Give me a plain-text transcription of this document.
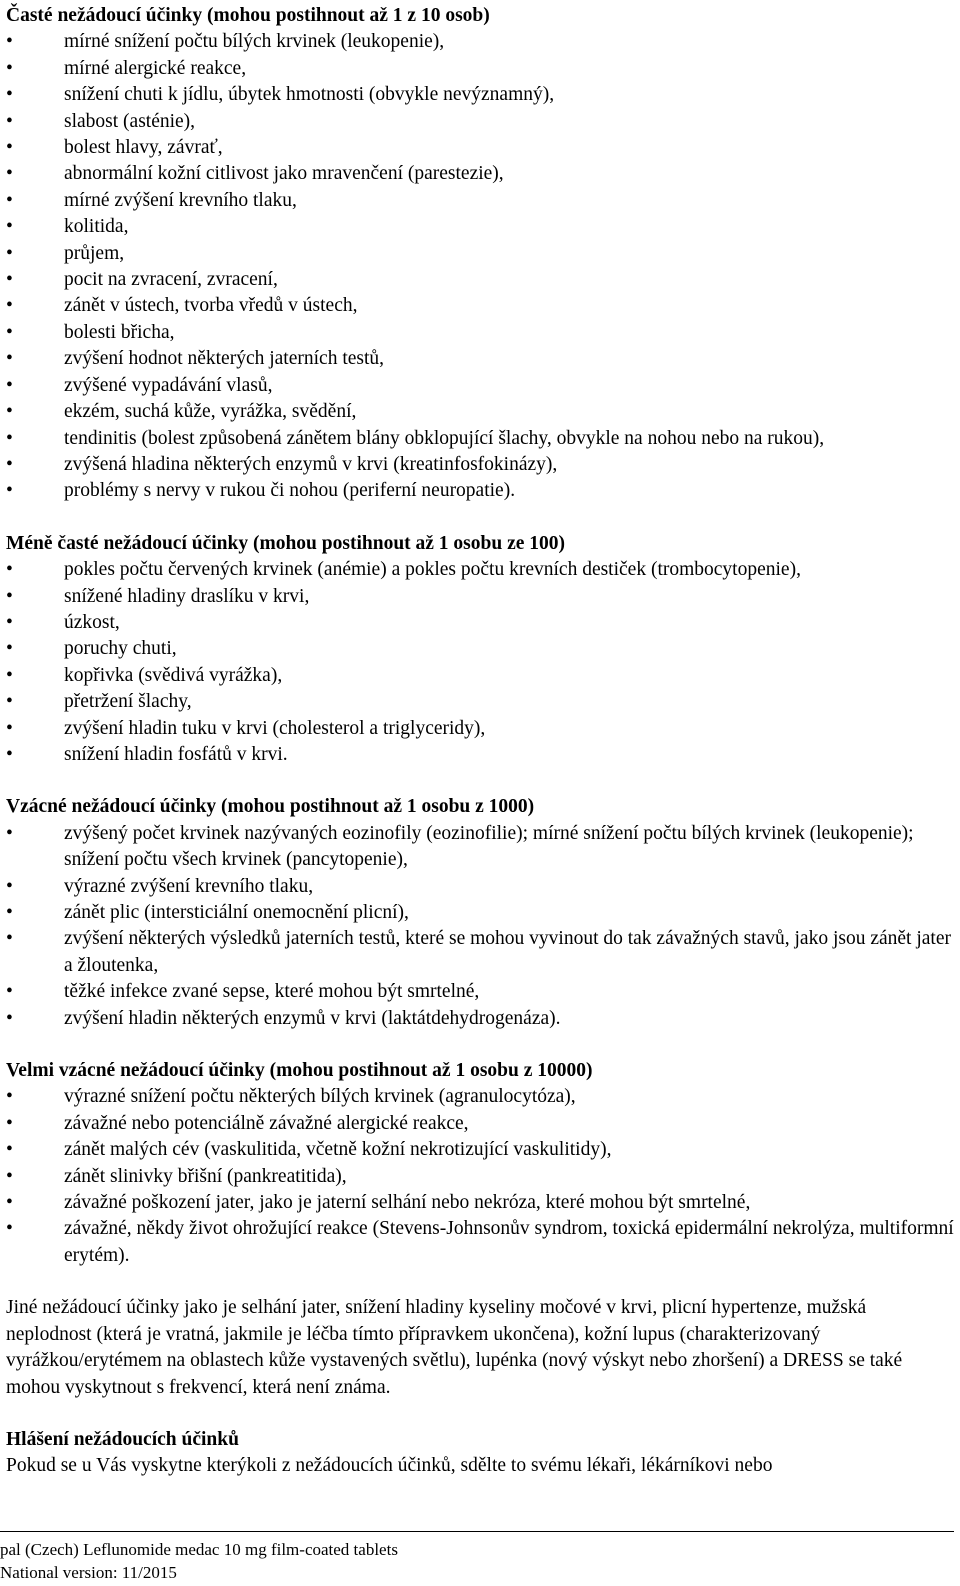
Časté nežádoucí účinky (mohou postihnout až 1 z 10 osob)

•	mírné snížení počtu bílých krvinek (leukopenie),
•	mírné alergické reakce,
•	snížení chuti k jídlu, úbytek hmotnosti (obvykle nevýznamný),
•	slabost (asténie),
•	bolest hlavy, závrať,
•	abnormální kožní citlivost jako mravenčení (parestezie),
•	mírné zvýšení krevního tlaku,
•	kolitida,
•	průjem,
•	pocit na zvracení, zvracení,
•	zánět v ústech, tvorba vředů v ústech,
•	bolesti břicha,
•	zvýšení hodnot některých jaterních testů,
•	zvýšené vypadávání vlasů,
•	ekzém, suchá kůže, vyrážka, svědění,
•	tendinitis (bolest způsobená zánětem blány obklopující šlachy, obvykle na nohou nebo na rukou),
•	zvýšená hladina některých enzymů v krvi (kreatinfosfokinázy),
•	problémy s nervy v rukou či nohou (periferní neuropatie).

Méně časté nežádoucí účinky (mohou postihnout až 1 osobu ze 100)

•	pokles počtu červených krvinek (anémie) a pokles počtu krevních destiček (trombocytopenie),
•	snížené hladiny draslíku v krvi,
•	úzkost,
•	poruchy chuti,
•	kopřivka (svědivá vyrážka),
•	přetržení šlachy,
•	zvýšení hladin tuku v krvi (cholesterol a triglyceridy),
•	snížení hladin fosfátů v krvi.

Vzácné nežádoucí účinky (mohou postihnout až 1 osobu z 1000)

•	zvýšený počet krvinek nazývaných eozinofily (eozinofilie); mírné snížení počtu bílých krvinek (leukopenie); snížení počtu všech krvinek (pancytopenie),
•	výrazné zvýšení krevního tlaku,
•	zánět plic (intersticiální onemocnění plicní),
•	zvýšení některých výsledků jaterních testů, které se mohou vyvinout do tak závažných stavů, jako jsou zánět jater a žloutenka,
•	těžké infekce zvané sepse, které mohou být smrtelné,
•	zvýšení hladin některých enzymů v krvi (laktátdehydrogenáza).

Velmi vzácné nežádoucí účinky (mohou postihnout až 1 osobu z 10000)

•	výrazné snížení počtu některých bílých krvinek (agranulocytóza),
•	závažné nebo potenciálně závažné alergické reakce,
•	zánět malých cév (vaskulitida, včetně kožní nekrotizující vaskulitidy),
•	zánět slinivky břišní (pankreatitida),
•	závažné poškození jater, jako je jaterní selhání nebo nekróza, které mohou být smrtelné,
•	závažné, někdy život ohrožující reakce (Stevens-Johnsonův syndrom, toxická epidermální nekrolýza, multiformní erytém).

Jiné nežádoucí účinky jako je selhání jater, snížení hladiny kyseliny močové v krvi, plicní hypertenze, mužská neplodnost (která je vratná, jakmile je léčba tímto přípravkem ukončena), kožní lupus (charakterizovaný vyrážkou/erytémem na oblastech kůže vystavených světlu), lupénka (nový výskyt nebo zhoršení) a DRESS se také mohou vyskytnout s frekvencí, která není známa.

Hlášení nežádoucích účinků

Pokud se u Vás vyskytne kterýkoli z nežádoucích účinků, sdělte to svému lékaři, lékárníkovi nebo

pal (Czech) Leflunomide medac 10 mg film-coated tablets
National version: 11/2015
